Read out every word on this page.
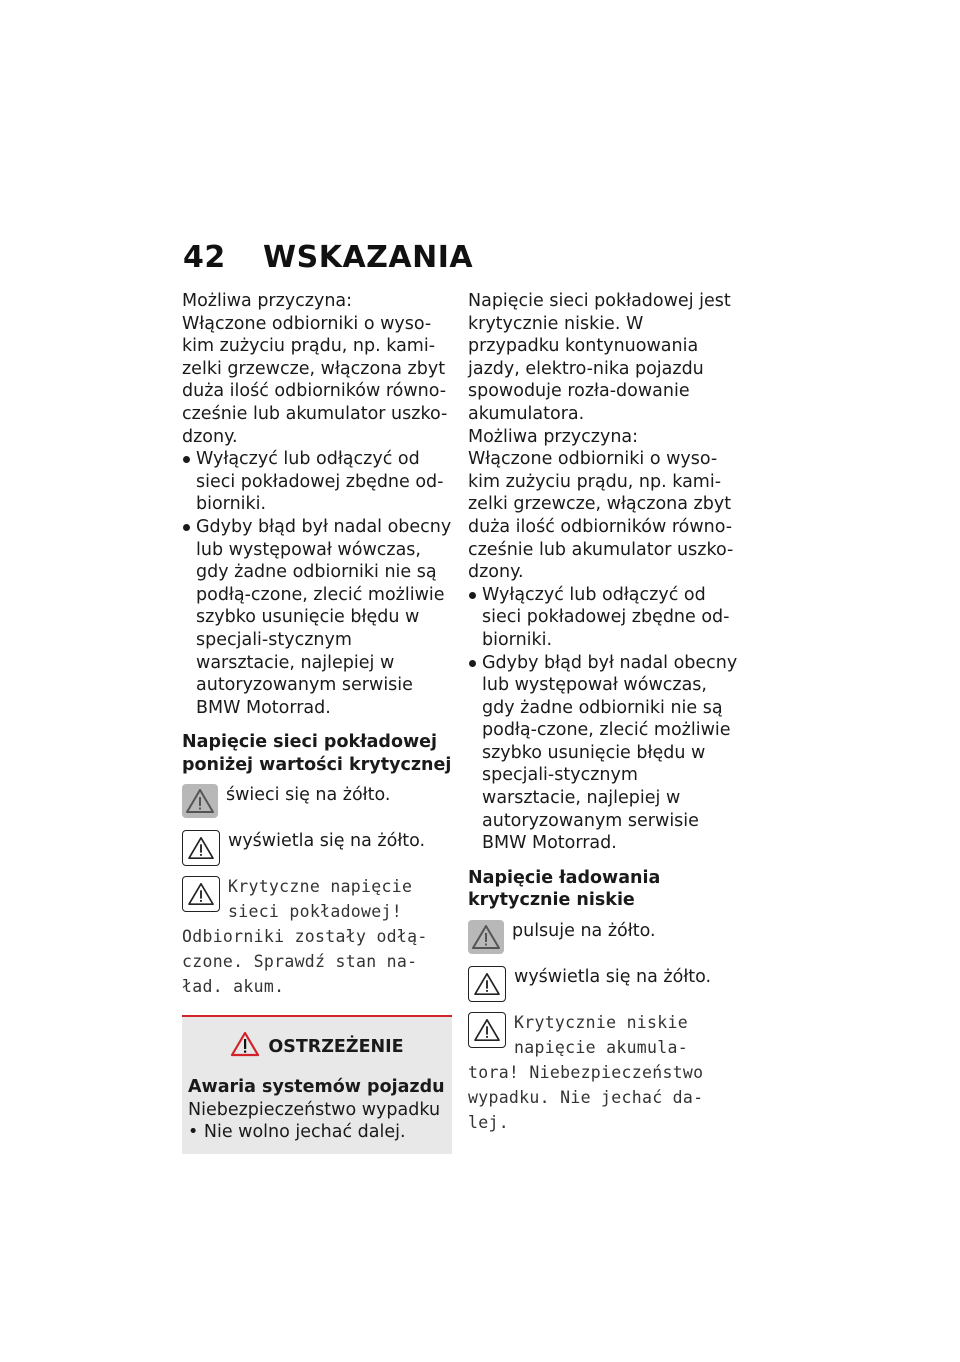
42 WSKAZANIA

Możliwa przyczyna:

Włączone odbiorniki o wyso-kim zużyciu prądu, np. kami-zelki grzewcze, włączona zbyt duża ilość odbiorników równo-cześnie lub akumulator uszko-dzony.

Wyłączyć lub odłączyć od sieci pokładowej zbędne od-biorniki.
Gdyby błąd był nadal obecny lub występował wówczas, gdy żadne odbiorniki nie są podłą-czone, zlecić możliwie szybko usunięcie błędu w specjali-stycznym warsztacie, najlepiej w autoryzowanym serwisie BMW Motorrad.

Napięcie sieci pokładowej poniżej wartości krytycznej

świeci się na żółto.
wyświetla się na żółto.
Krytyczne napięcie
sieci pokładowej!
Odbiorniki zostały odłą-
czone. Sprawdź stan na-
ład. akum.
OSTRZEŻENIE
Awaria systemów pojazdu
Niebezpieczeństwo wypadku
• Nie wolno jechać dalej.

Napięcie sieci pokładowej jest krytycznie niskie. W przypadku kontynuowania jazdy, elektro-nika pojazdu spowoduje rozła-dowanie akumulatora.

Możliwa przyczyna:

Włączone odbiorniki o wyso-kim zużyciu prądu, np. kami-zelki grzewcze, włączona zbyt duża ilość odbiorników równo-cześnie lub akumulator uszko-dzony.

Wyłączyć lub odłączyć od sieci pokładowej zbędne od-biorniki.
Gdyby błąd był nadal obecny lub występował wówczas, gdy żadne odbiorniki nie są podłą-czone, zlecić możliwie szybko usunięcie błędu w specjali-stycznym warsztacie, najlepiej w autoryzowanym serwisie BMW Motorrad.

Napięcie ładowania krytycznie niskie

pulsuje na żółto.
wyświetla się na żółto.
Krytycznie niskie
napięcie akumula-
tora! Niebezpieczeństwo
wypadku. Nie jechać da-
lej.
